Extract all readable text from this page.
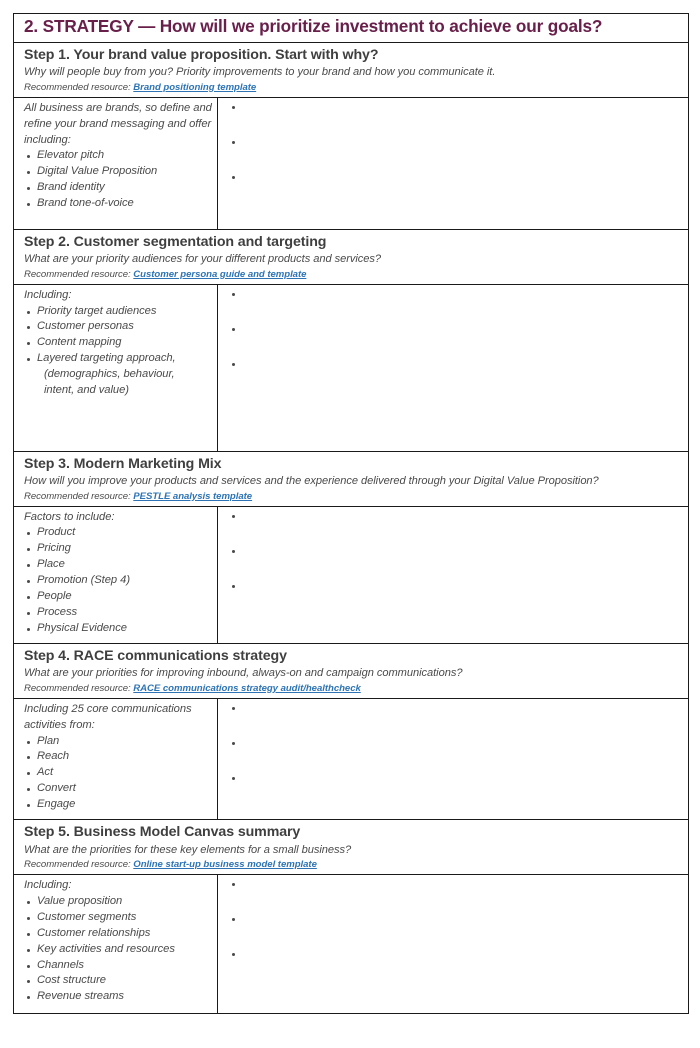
2. STRATEGY — How will we prioritize investment to achieve our goals?
Step 1. Your brand value proposition. Start with why?
Why will people buy from you? Priority improvements to your brand and how you communicate it.
Recommended resource: Brand positioning template
All business are brands, so define and refine your brand messaging and offer including:
Elevator pitch
Digital Value Proposition
Brand identity
Brand tone-of-voice
Step 2. Customer segmentation and targeting
What are your priority audiences for your different products and services?
Recommended resource: Customer persona guide and template
Including:
Priority target audiences
Customer personas
Content mapping
Layered targeting approach,
(demographics, behaviour,
intent, and value)
Step 3. Modern Marketing Mix
How will you improve your products and services and the experience delivered through your Digital Value Proposition?
Recommended resource: PESTLE analysis template
Factors to include:
Product
Pricing
Place
Promotion (Step 4)
People
Process
Physical Evidence
Step 4. RACE communications strategy
What are your priorities for improving inbound, always-on and campaign communications?
Recommended resource: RACE communications strategy audit/healthcheck
Including 25 core communications activities from:
Plan
Reach
Act
Convert
Engage
Step 5. Business Model Canvas summary
What are the priorities for these key elements for a small business?
Recommended resource: Online start-up business model template
Including:
Value proposition
Customer segments
Customer relationships
Key activities and resources
Channels
Cost structure
Revenue streams
